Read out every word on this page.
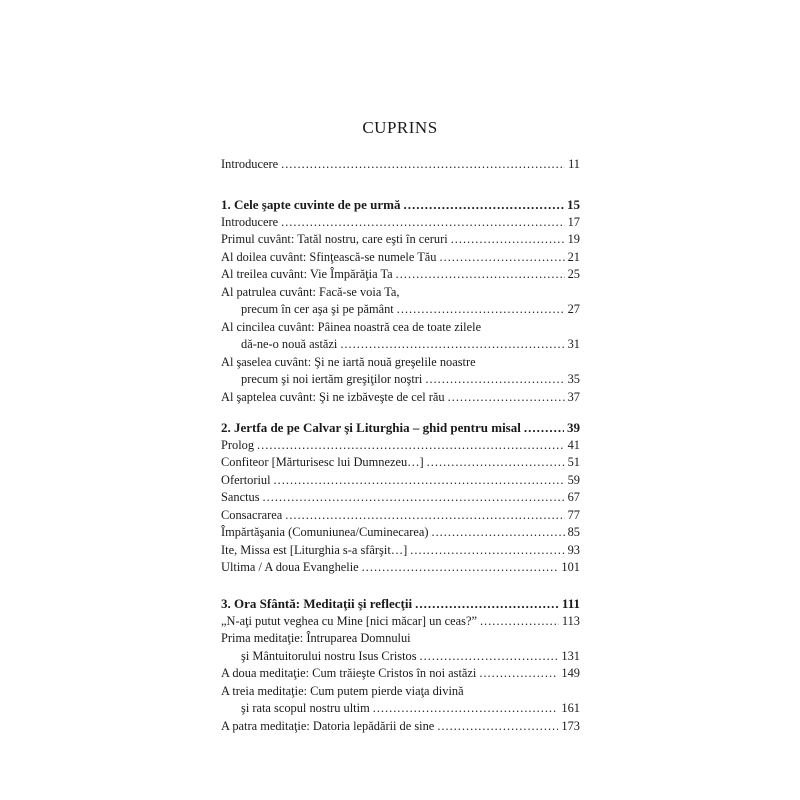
CUPRINS
Introducere .....	11
1. Cele şapte cuvinte de pe urmă .....	15
Introducere .....	17
Primul cuvânt: Tatăl nostru, care eşti în ceruri .....	19
Al doilea cuvânt: Sfinţească-se numele Tău .....	21
Al treilea cuvânt: Vie Împărăţia Ta .....	25
Al patrulea cuvânt: Facă-se voia Ta,
precum în cer aşa şi pe pământ .....	27
Al cincilea cuvânt: Pâinea noastră cea de toate zilele
dă-ne-o nouă astăzi .....	31
Al şaselea cuvânt: Şi ne iartă nouă greşelile noastre
precum şi noi iertăm greşiţilor noştri .....	35
Al şaptelea cuvânt: Şi ne izbăveşte de cel rău .....	37
2. Jertfa de pe Calvar şi Liturghia – ghid pentru misal .....	39
Prolog .....	41
Confiteor [Mărturisesc lui Dumnezeu…] .....	51
Ofertoriul .....	59
Sanctus .....	67
Consacrarea .....	77
Împărtăşania (Comuniunea/Cuminecarea) .....	85
Ite, Missa est [Liturghia s-a sfârşit…] .....	93
Ultima / A doua Evanghelie .....	101
3. Ora Sfântă: Meditaţii şi reflecţii .....	111
„N-aţi putut veghea cu Mine [nici măcar] un ceas?” .....	113
Prima meditaţie: Întruparea Domnului
şi Mântuitorului nostru Isus Cristos .....	131
A doua meditaţie: Cum trăieşte Cristos în noi astăzi .....	149
A treia meditaţie: Cum putem pierde viaţa divină
şi rata scopul nostru ultim .....	161
A patra meditaţie: Datoria lepădării de sine .....	173
